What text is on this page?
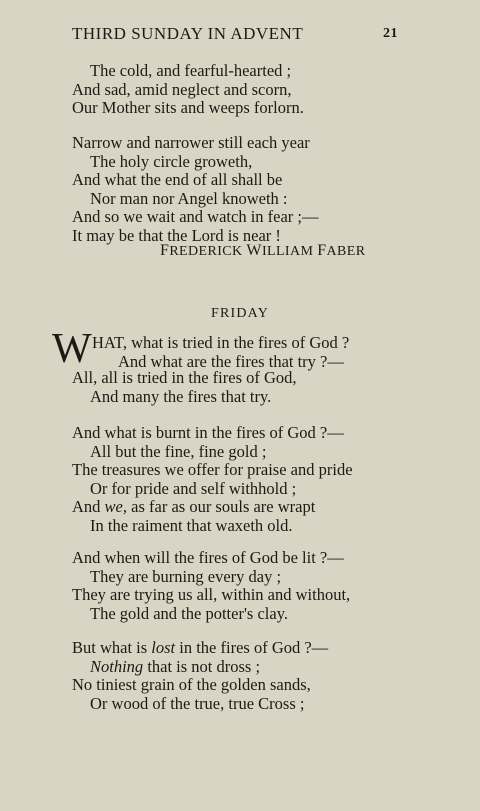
THIRD SUNDAY IN ADVENT	21
The cold, and fearful-hearted ;
And sad, amid neglect and scorn,
Our Mother sits and weeps forlorn.
Narrow and narrower still each year
The holy circle groweth,
And what the end of all shall be
Nor man nor Angel knoweth :
And so we wait and watch in fear ;—
It may be that the Lord is near !
FREDERICK WILLIAM FABER
FRIDAY
W HAT, what is tried in the fires of God ?
And what are the fires that try ?—
All, all is tried in the fires of God,
And many the fires that try.
And what is burnt in the fires of God ?—
All but the fine, fine gold ;
The treasures we offer for praise and pride
Or for pride and self withhold ;
And we, as far as our souls are wrapt
In the raiment that waxeth old.
And when will the fires of God be lit ?—
They are burning every day ;
They are trying us all, within and without,
The gold and the potter's clay.
But what is lost in the fires of God ?—
Nothing that is not dross ;
No tiniest grain of the golden sands,
Or wood of the true, true Cross ;
